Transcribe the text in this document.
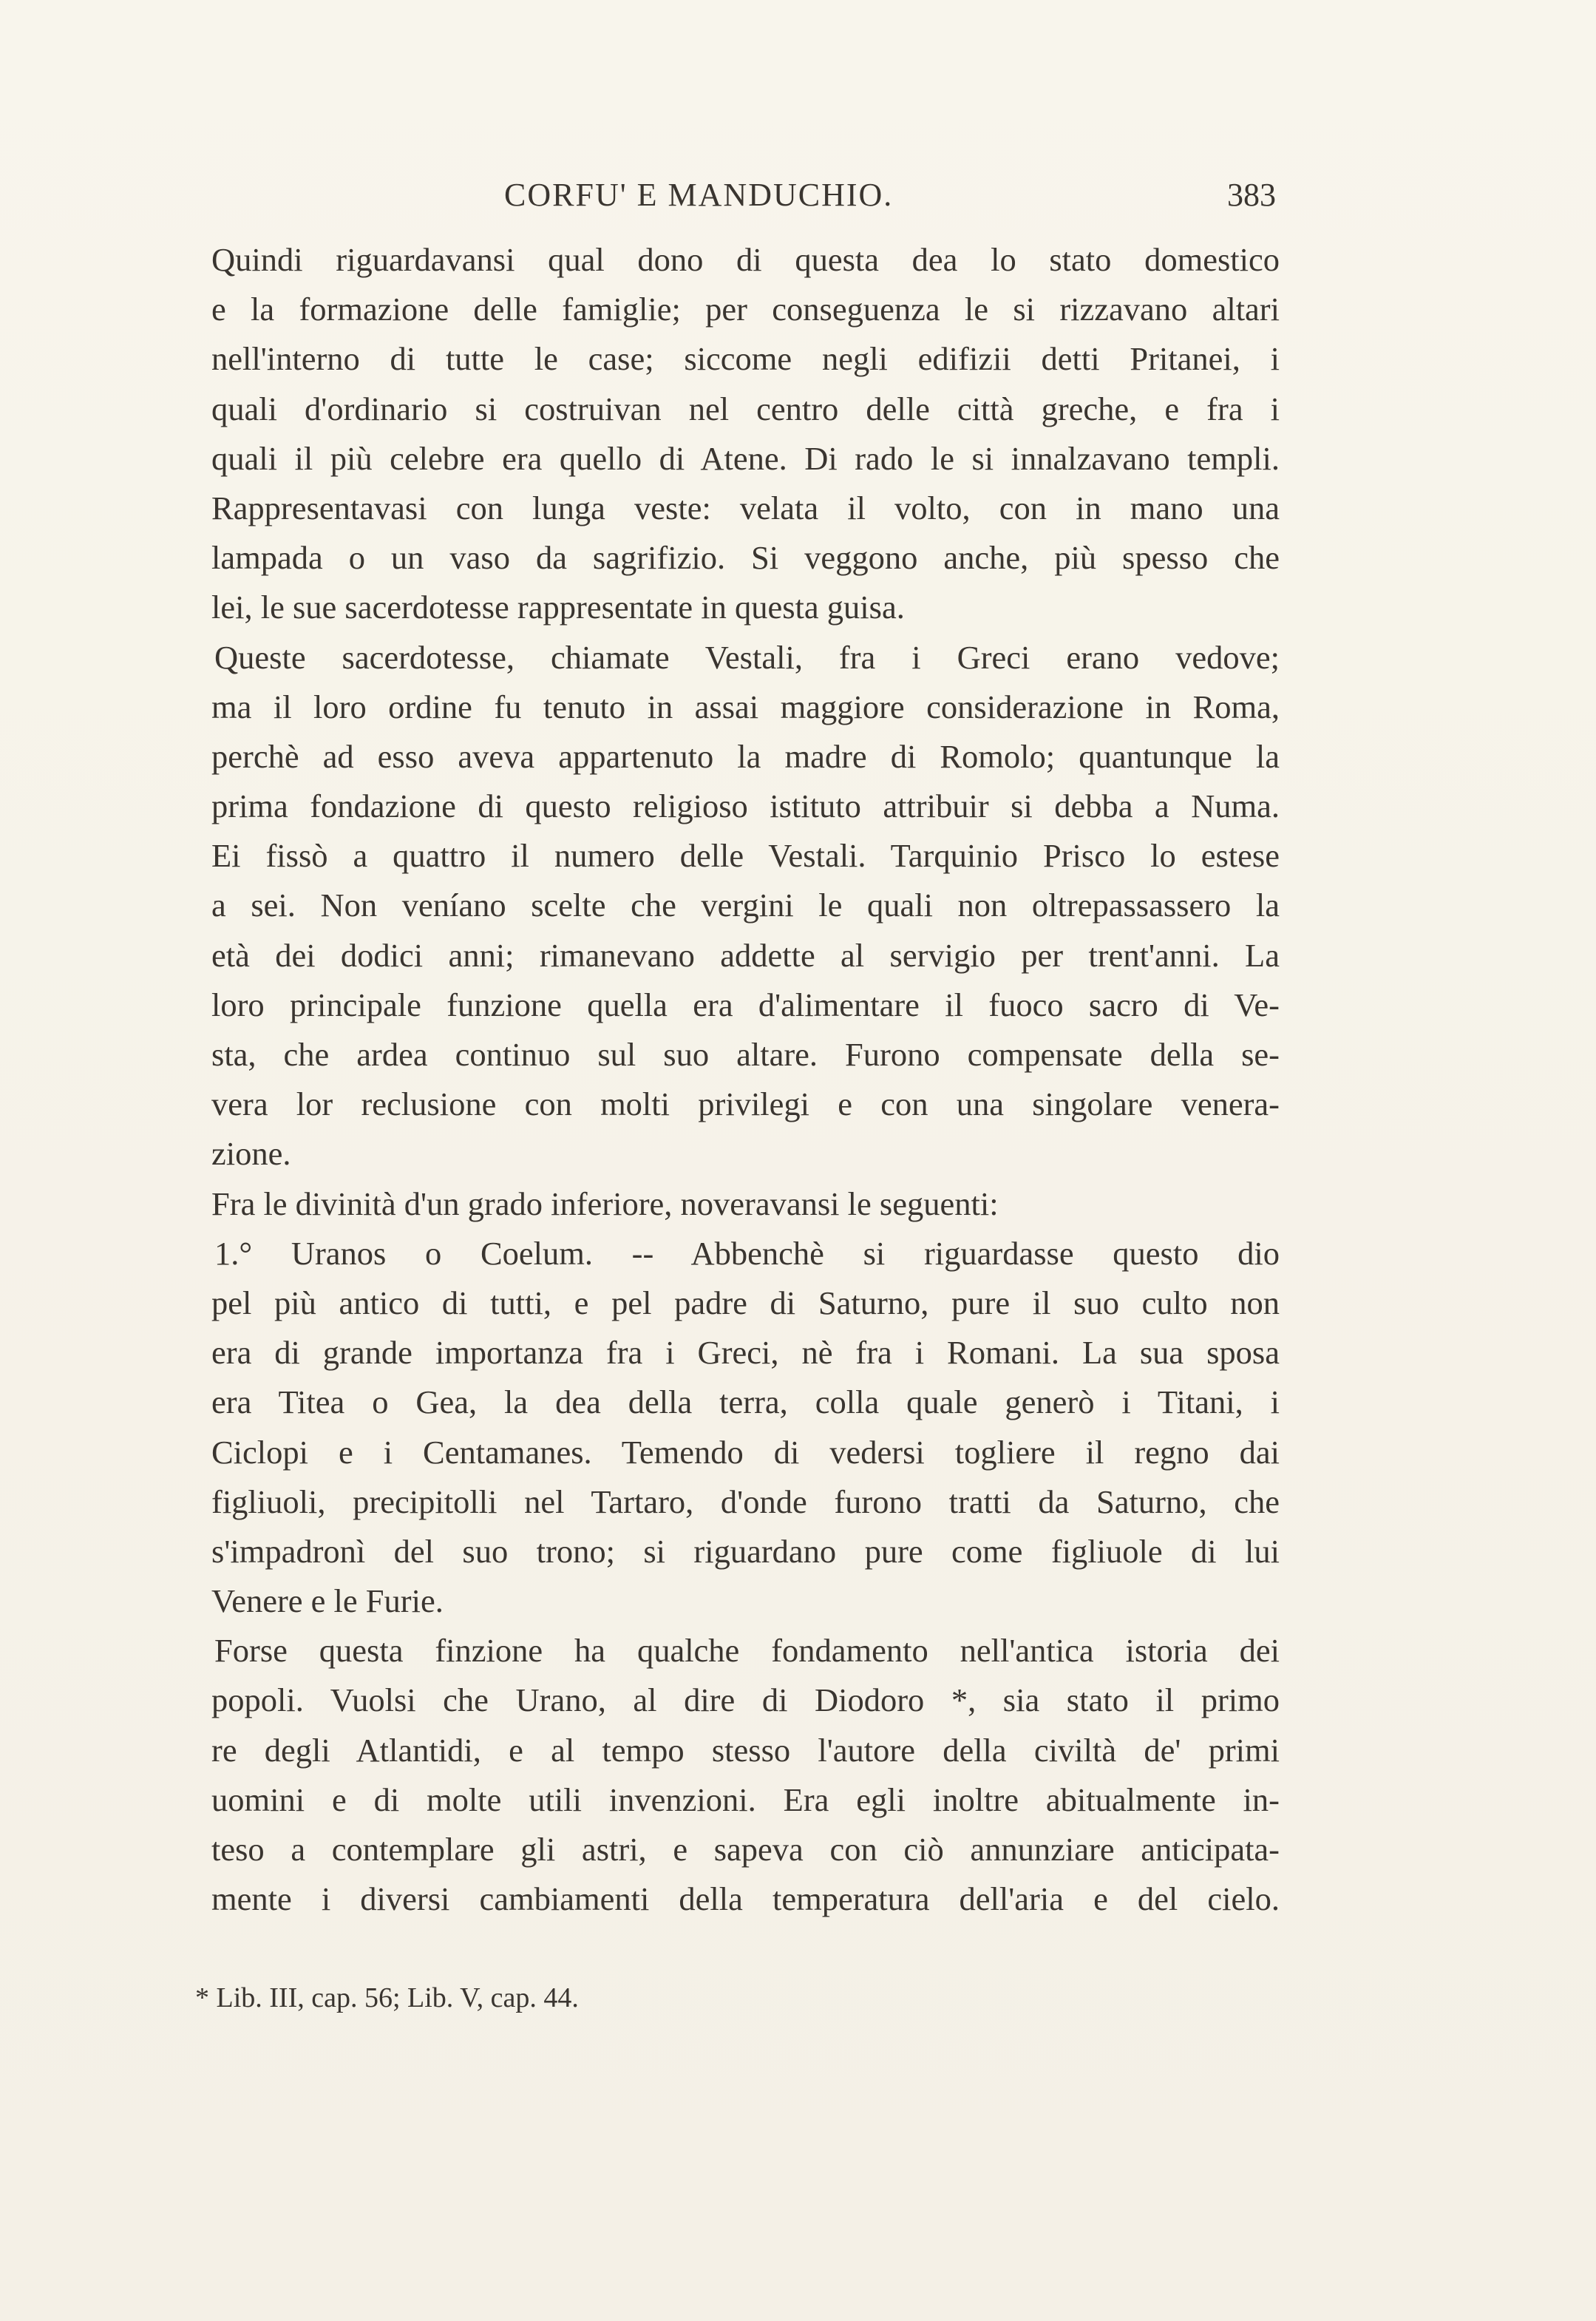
CORFU' E MANDUCHIO.	383
Quindi riguardavansi qual dono di questa dea lo stato domestico
e la formazione delle famiglie; per conseguenza le si rizzavano altari
nell'interno di tutte le case; siccome negli edifizii detti Pritanei, i
quali d'ordinario si costruivan nel centro delle città greche, e fra i
quali il più celebre era quello di Atene. Di rado le si innalzavano templi.
Rappresentavasi con lunga veste: velata il volto, con in mano una
lampada o un vaso da sagrifizio. Si veggono anche, più spesso che
lei, le sue sacerdotesse rappresentate in questa guisa.
Queste sacerdotesse, chiamate Vestali, fra i Greci erano vedove;
ma il loro ordine fu tenuto in assai maggiore considerazione in Roma,
perchè ad esso aveva appartenuto la madre di Romolo; quantunque la
prima fondazione di questo religioso istituto attribuir si debba a Numa.
Ei fissò a quattro il numero delle Vestali. Tarquinio Prisco lo estese
a sei. Non veníano scelte che vergini le quali non oltrepassassero la
età dei dodici anni; rimanevano addette al servigio per trent'anni. La
loro principale funzione quella era d'alimentare il fuoco sacro di Ve-
sta, che ardea continuo sul suo altare. Furono compensate della se-
vera lor reclusione con molti privilegi e con una singolare venera-
zione.
Fra le divinità d'un grado inferiore, noveravansi le seguenti:
1.° Uranos o Coelum. -- Abbenchè si riguardasse questo dio
pel più antico di tutti, e pel padre di Saturno, pure il suo culto non
era di grande importanza fra i Greci, nè fra i Romani. La sua sposa
era Titea o Gea, la dea della terra, colla quale generò i Titani, i
Ciclopi e i Centamanes. Temendo di vedersi togliere il regno dai
figliuoli, precipitolli nel Tartaro, d'onde furono tratti da Saturno, che
s'impadronì del suo trono; si riguardano pure come figliuole di lui
Venere e le Furie.
Forse questa finzione ha qualche fondamento nell'antica istoria dei
popoli. Vuolsi che Urano, al dire di Diodoro *, sia stato il primo
re degli Atlantidi, e al tempo stesso l'autore della civiltà de' primi
uomini e di molte utili invenzioni. Era egli inoltre abitualmente in-
teso a contemplare gli astri, e sapeva con ciò annunziare anticipata-
mente i diversi cambiamenti della temperatura dell'aria e del cielo.
* Lib. III, cap. 56; Lib. V, cap. 44.
